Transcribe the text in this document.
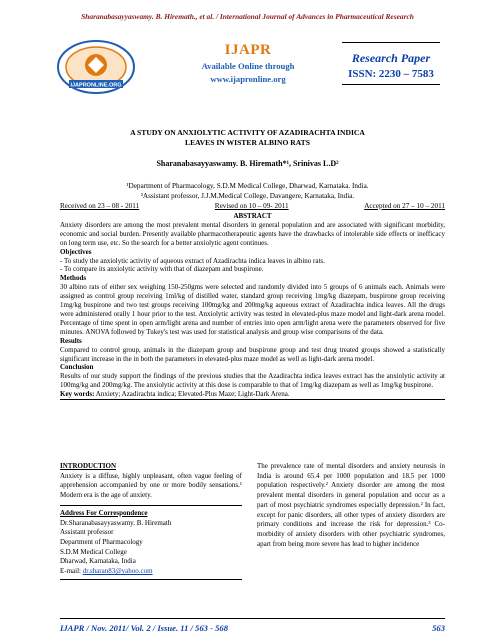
Sharanabasayyaswamy. B. Hiremath., et al. / International Journal of Advances in Pharmaceutical Research
IJAPRONLINE.ORG
IJAPR
Available Online through
www.ijapronline.org
Research Paper
ISSN: 2230 – 7583
A STUDY ON ANXIOLYTIC ACTIVITY OF AZADIRACHTA INDICA
LEAVES IN WISTER ALBINO RATS
Sharanabasayyaswamy. B. Hiremath*¹, Srinivas L.D²
¹Department of Pharmacology, S.D.M Medical College, Dharwad, Karnataka. India.
²Assistant professor, J.J.M.Medical College, Davangere, Karnataka, India.
Received on 23 – 08 - 2011	Revised on 10 – 09- 2011	Accepted on 27 – 10 – 2011

ABSTRACT

Anxiety disorders are among the most prevalent mental disorders in general population and are associated with significant morbidity, economic and social burden. Presently available pharmacotherapeutic agents have the drawbacks of intolerable side effects or inefficacy on long term use, etc. So the search for a better anxiolytic agent continues.

Objectives

- To study the anxiolytic activity of aqueous extract of Azadirachta indica leaves in albino rats.

- To compare its anxiolytic activity with that of diazepam and buspirone.

Methods

30 albino rats of either sex weighing 150-250gms were selected and randomly divided into 5 groups of 6 animals each. Animals were assigned as control group receiving 1ml/kg of distilled water, standard group receiving 1mg/kg diazepam, buspirone group receiving 1mg/kg buspirone and two test groups receiving 100mg/kg and 200mg/kg aqueous extract of Azadirachta indica leaves. All the drugs were administered orally 1 hour prior to the test. Anxiolytic activity was tested in elevated-plus maze model and light-dark arena model. Percentage of time spent in open arm/light arena and number of entries into open arm/light arena were the parameters observed for five minutes. ANOVA followed by Tukey's test was used for statistical analysis and group wise comparisons of the data.

Results

Compared to control group, animals in the diazepam group and buspirone group and test drug treated groups showed a statistically significant increase in the in both the parameters in elevated-plus maze model as well as light-dark arena model.

Conclusion

Results of our study support the findings of the previous studies that the Azadirachta indica leaves extract has the anxiolytic activity at 100mg/kg and 200mg/kg. The anxiolytic activity at this dose is comparable to that of 1mg/kg diazepam as well as 1mg/kg buspirone.

Key words: Anxiety; Azadirachta indica; Elevated-Plus Maze; Light-Dark Arena.

INTRODUCTION

Anxiety is a diffuse, highly unpleasant, often vague feeling of apprehension accompanied by one or more bodily sensations.¹ Modern era is the age of anxiety.

Address For Correspondence

Dr.Sharanabasayyaswamy. B. Hiremath

Assistant professor

Department of Pharmacology

S.D.M Medical College

Dharwad, Karnataka, India

E-mail: dr.sharan83@yahoo.com

The prevalence rate of mental disorders and anxiety neurosis in India is around 65.4 per 1000 population and 18.5 per 1000 population respectively.² Anxiety disorder are among the most prevalent mental disorders in general population and occur as a part of most psychiatric syndromes especially depression.² In fact, except for panic disorders, all other types of anxiety disorders are primary conditions and increase the risk for depression.³ Co-morbidity of anxiety disorders with other psychiatric syndromes, apart from being more severe has lead to higher incidence

IJAPR / Nov. 2011/ Vol. 2 / Issue. 11 / 563 - 568	563
